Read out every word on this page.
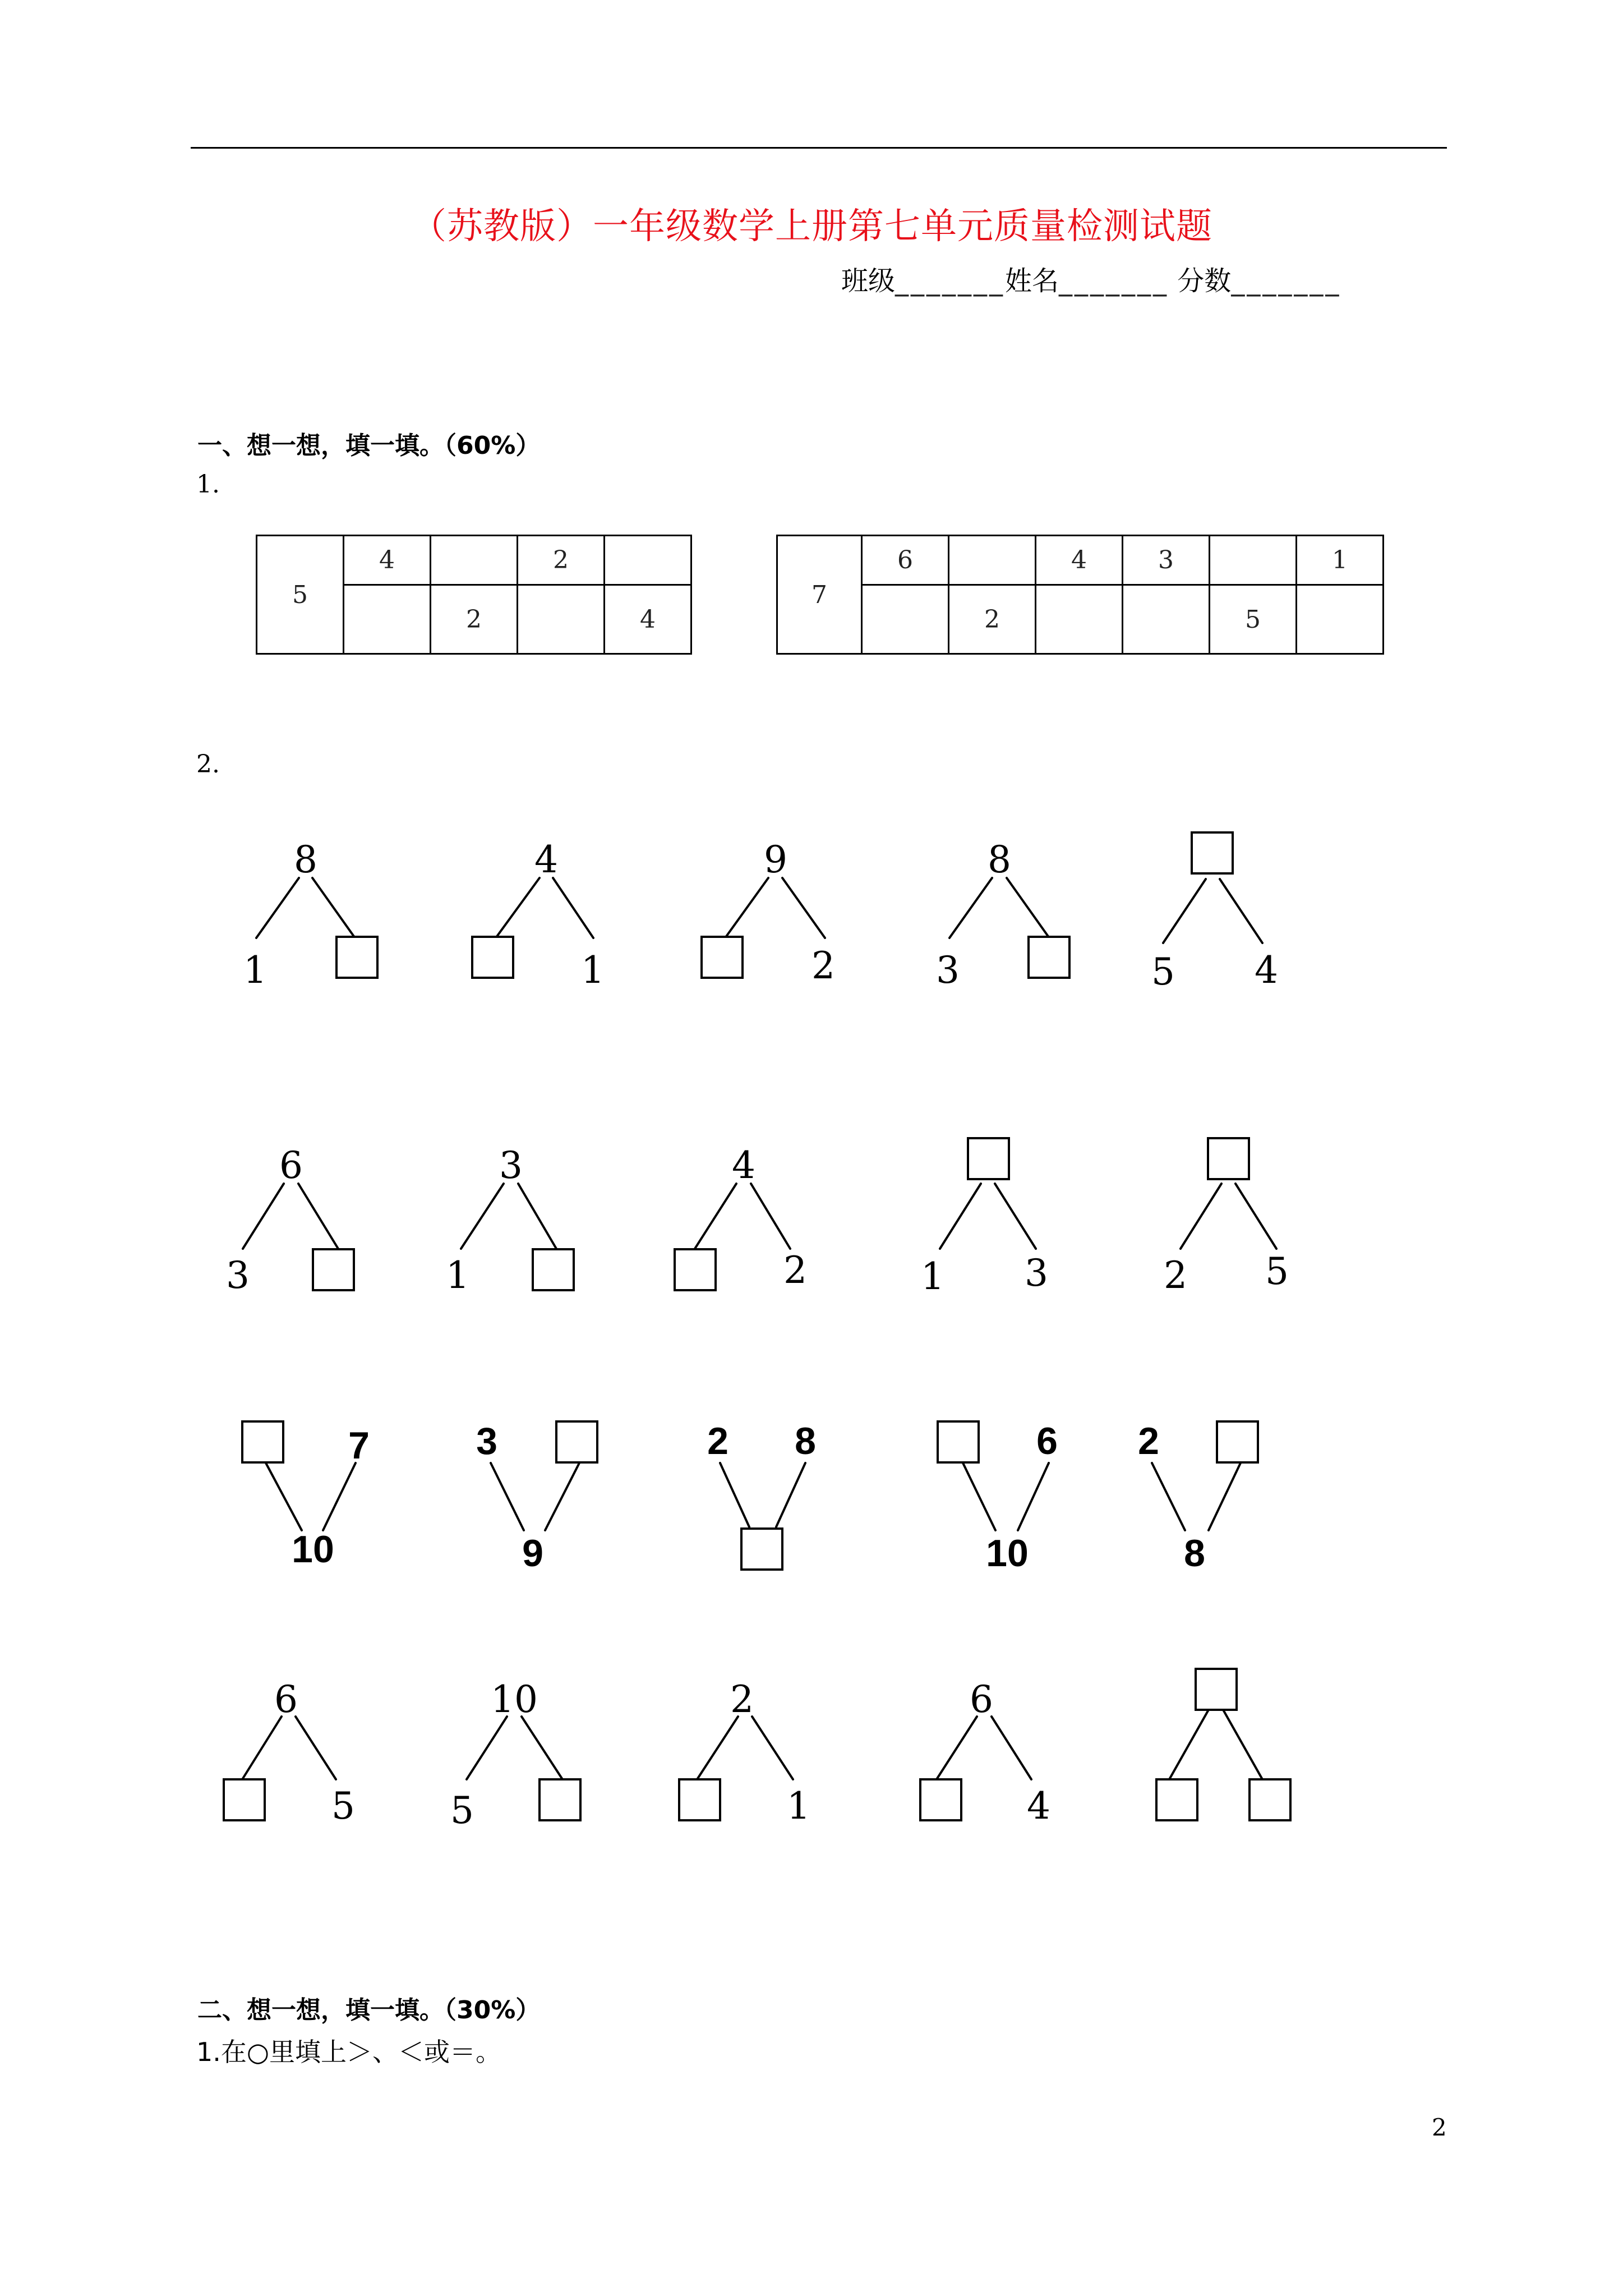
（苏教版）一年级数学上册第七单元质量检测试题
班级_______姓名_______ 分数_______
一、想一想，填一填。（60%）
1.
5	4		2	
		2		4
7	6		4	3		1
		2			5	
2.
8
1
4
1
9
2
8
3	5 4
6
3
3
1
4
2	1 3	2 5
6
5
10
5
2
1
6
4
7
10
3
9
2 8	6
10
2
8
二、想一想，填一填。（30%）
1.在○里填上＞、＜或＝。
2
